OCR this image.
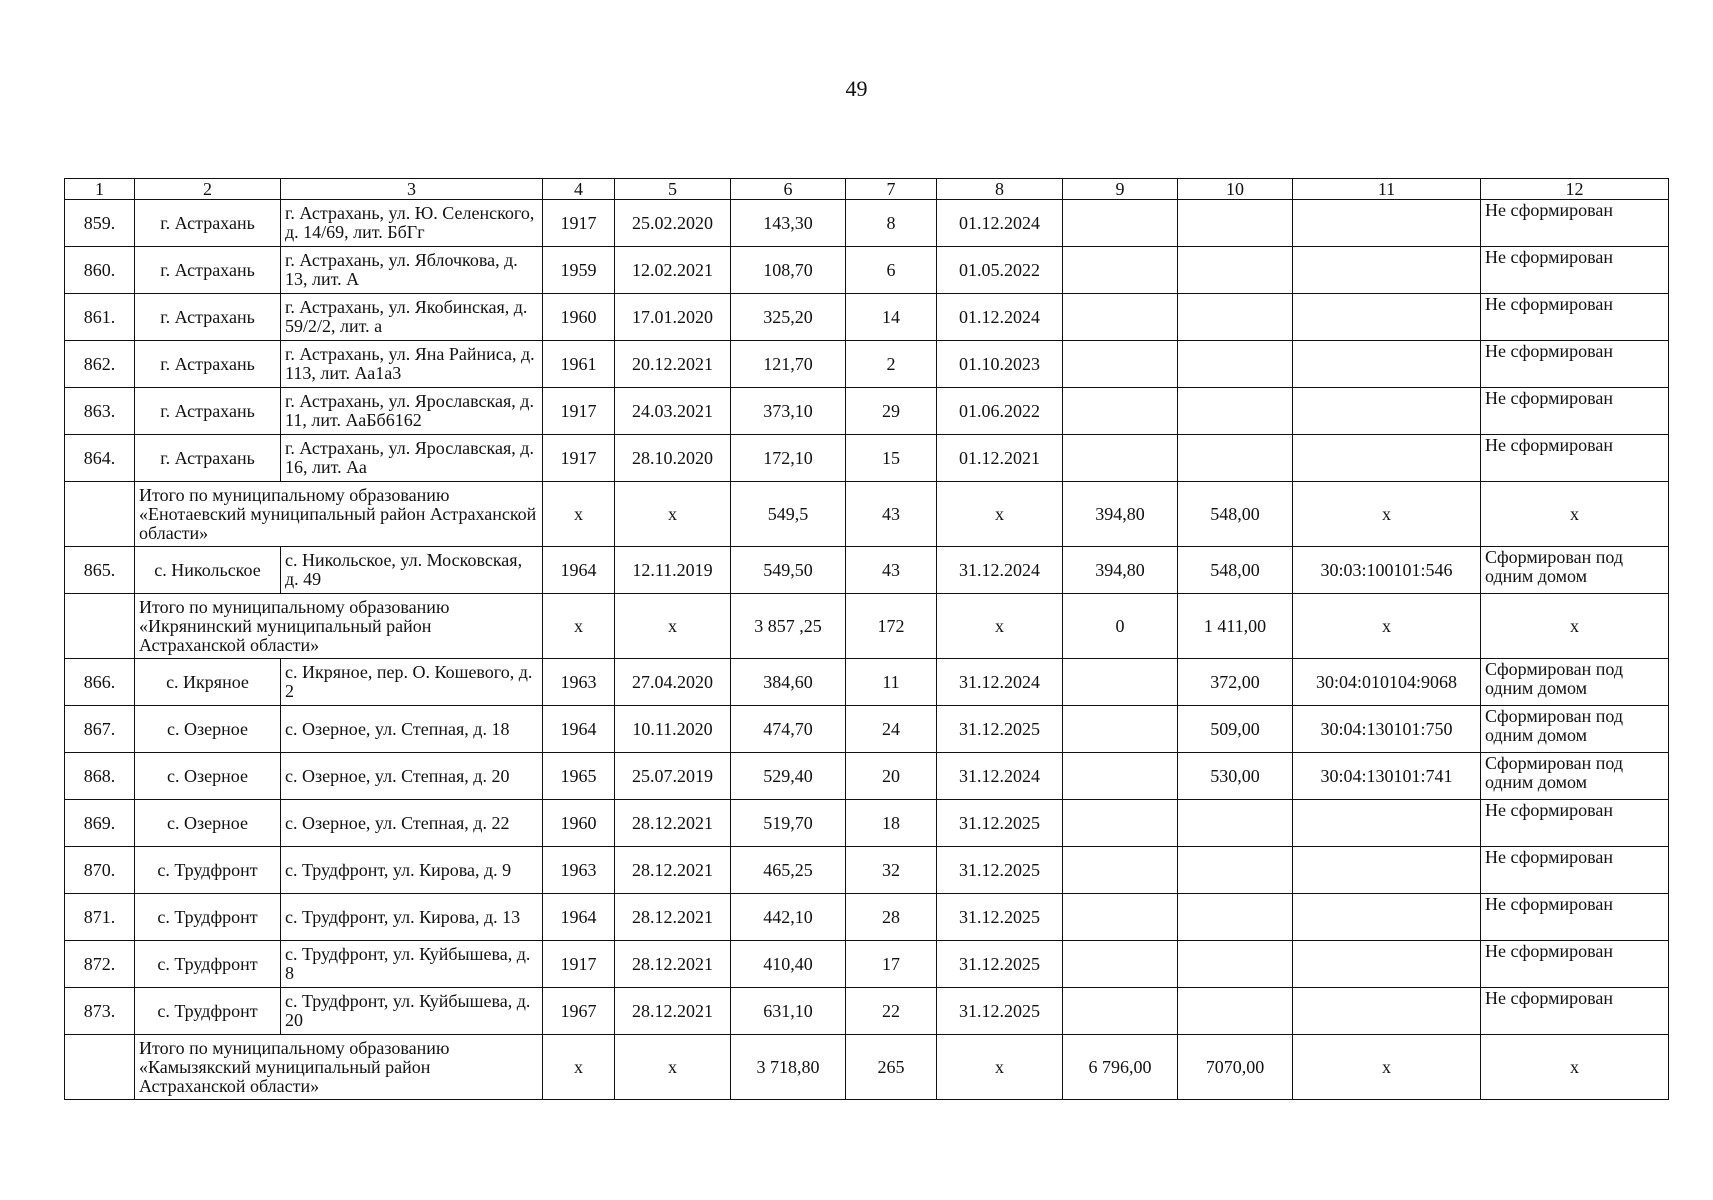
49
1	2	3	4	5	6	7	8	9	10	11	12
859.	г. Астрахань	г. Астрахань, ул. Ю. Селенского, д. 14/69, лит. БбГг	1917	25.02.2020	143,30	8	01.12.2024				Не сформирован
860.	г. Астрахань	г. Астрахань, ул. Яблочкова, д. 13, лит. А	1959	12.02.2021	108,70	6	01.05.2022				Не сформирован
861.	г. Астрахань	г. Астрахань, ул. Якобинская, д. 59/2/2, лит. а	1960	17.01.2020	325,20	14	01.12.2024				Не сформирован
862.	г. Астрахань	г. Астрахань, ул. Яна Райниса, д. 113, лит. Аа1а3	1961	20.12.2021	121,70	2	01.10.2023				Не сформирован
863.	г. Астрахань	г. Астрахань, ул. Ярославская, д. 11, лит. АаБб6162	1917	24.03.2021	373,10	29	01.06.2022				Не сформирован
864.	г. Астрахань	г. Астрахань, ул. Ярославская, д. 16, лит. Аа	1917	28.10.2020	172,10	15	01.12.2021				Не сформирован
	Итого по муниципальному образованию «Енотаевский муниципальный район Астраханской области»		х	х	549,5	43	х	394,80	548,00	х	х
865.	с. Никольское	с. Никольское, ул. Московская, д. 49	1964	12.11.2019	549,50	43	31.12.2024	394,80	548,00	30:03:100101:546	Сформирован под одним домом
	Итого по муниципальному образованию «Икрянинский муниципальный район Астраханской области»		х	х	3 857 ,25	172	х	0	1 411,00	х	х
866.	с. Икряное	с. Икряное, пер. О. Кошевого, д. 2	1963	27.04.2020	384,60	11	31.12.2024		372,00	30:04:010104:9068	Сформирован под одним домом
867.	с. Озерное	с. Озерное, ул. Степная, д. 18	1964	10.11.2020	474,70	24	31.12.2025		509,00	30:04:130101:750	Сформирован под одним домом
868.	с. Озерное	с. Озерное, ул. Степная, д. 20	1965	25.07.2019	529,40	20	31.12.2024		530,00	30:04:130101:741	Сформирован под одним домом
869.	с. Озерное	с. Озерное, ул. Степная, д. 22	1960	28.12.2021	519,70	18	31.12.2025				Не сформирован
870.	с. Трудфронт	с. Трудфронт, ул. Кирова, д. 9	1963	28.12.2021	465,25	32	31.12.2025				Не сформирован
871.	с. Трудфронт	с. Трудфронт, ул. Кирова, д. 13	1964	28.12.2021	442,10	28	31.12.2025				Не сформирован
872.	с. Трудфронт	с. Трудфронт, ул. Куйбышева, д. 8	1917	28.12.2021	410,40	17	31.12.2025				Не сформирован
873.	с. Трудфронт	с. Трудфронт, ул. Куйбышева, д. 20	1967	28.12.2021	631,10	22	31.12.2025				Не сформирован
	Итого по муниципальному образованию «Камызякский муниципальный район Астраханской области»		х	х	3 718,80	265	х	6 796,00	7070,00	х	х
